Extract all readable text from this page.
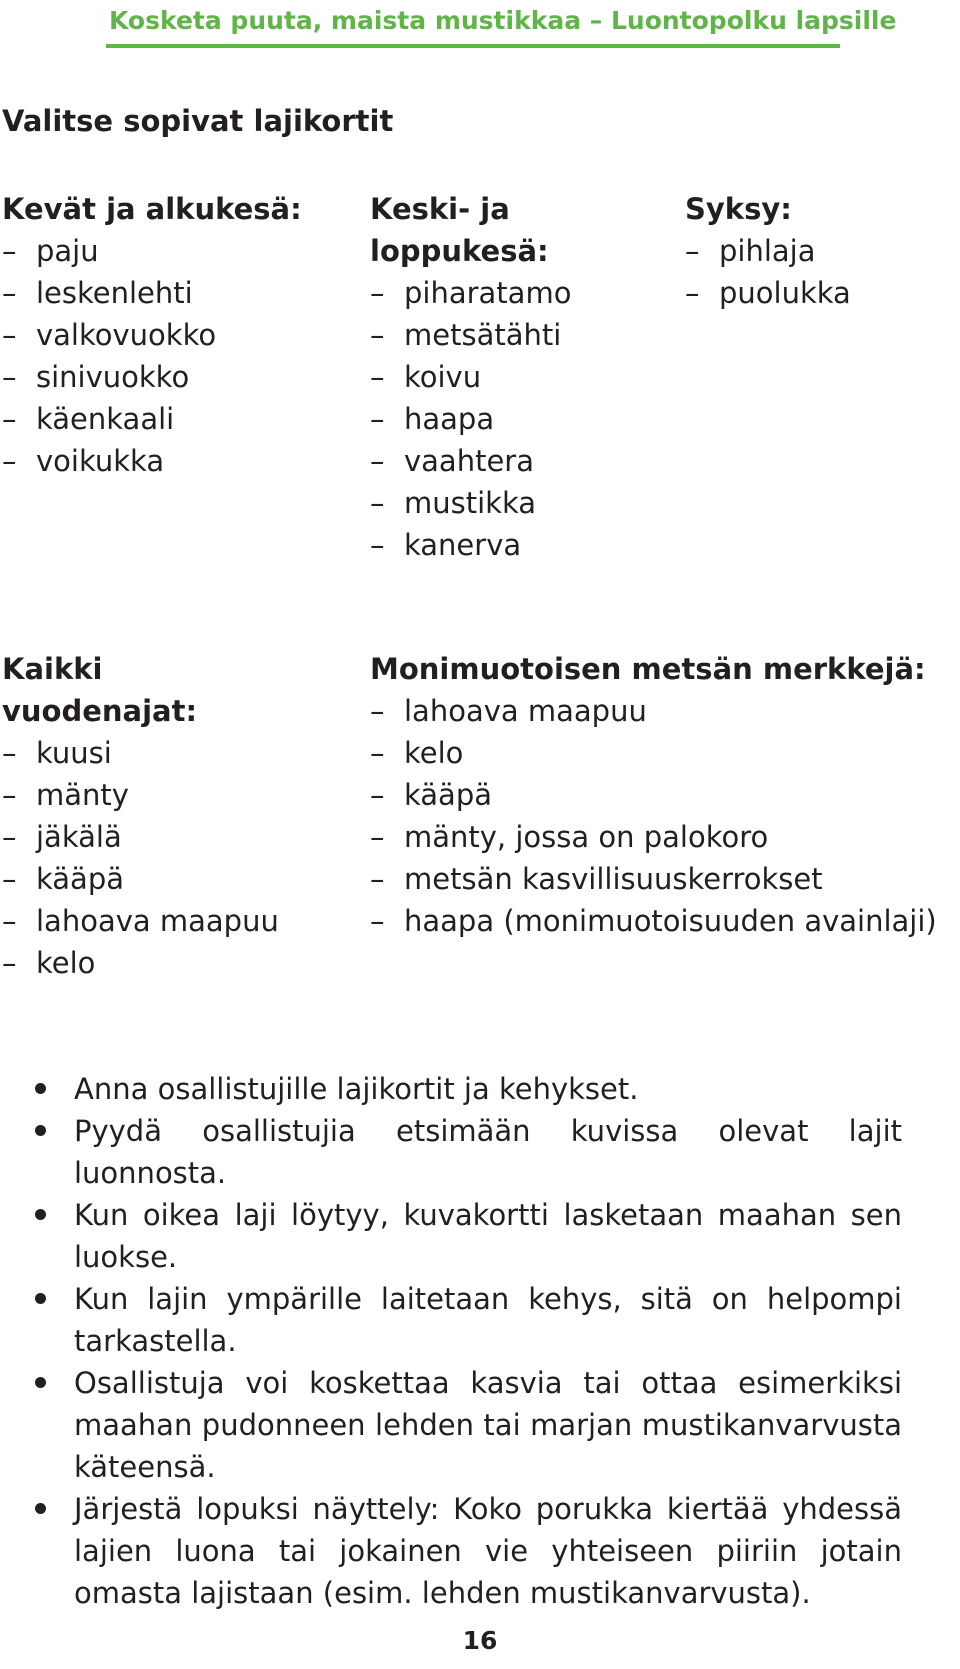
Kosketa puuta, maista mustikkaa – Luontopolku lapsille
Valitse sopivat lajikortit
Kevät ja alkukesä:
– paju
– leskenlehti
– valkovuokko
– sinivuokko
– käenkaali
– voikukka
Keski- ja
loppukesä:
– piharatamo
– metsätähti
– koivu
– haapa
– vaahtera
– mustikka
– kanerva
Syksy:
– pihlaja
– puolukka
Kaikki
vuodenajat:
– kuusi
– mänty
– jäkälä
– kääpä
– lahoava maapuu
– kelo
Monimuotoisen metsän merkkejä:
– lahoava maapuu
– kelo
– kääpä
– mänty, jossa on palokoro
– metsän kasvillisuuskerrokset
– haapa (monimuotoisuuden avainlaji)
Anna osallistujille lajikortit ja kehykset.
Pyydä osallistujia etsimään kuvissa olevat lajit luonnosta.
Kun oikea laji löytyy, kuvakortti lasketaan maahan sen luokse.
Kun lajin ympärille laitetaan kehys, sitä on helpompi tarkastella.
Osallistuja voi koskettaa kasvia tai ottaa esimerkiksi maahan pudonneen lehden tai marjan mustikanvarvusta käteensä.
Järjestä lopuksi näyttely: Koko porukka kiertää yhdessä lajien luona tai jokainen vie yhteiseen piiriin jotain omasta lajistaan (esim. lehden mustikanvarvusta).
16
